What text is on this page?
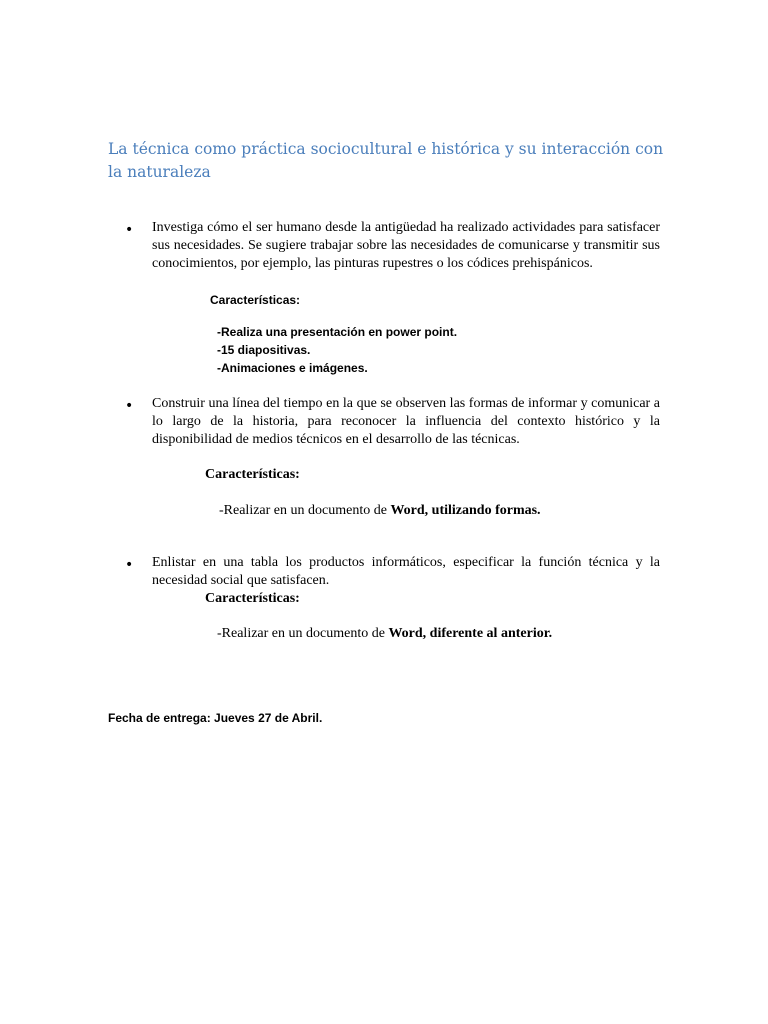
La técnica como práctica sociocultural e histórica y su interacción con la naturaleza
• Investiga cómo el ser humano desde la antigüedad ha realizado actividades para satisfacer sus necesidades. Se sugiere trabajar sobre las necesidades de comunicarse y transmitir sus conocimientos, por ejemplo, las pinturas rupestres o los códices prehispánicos.

Características:

-Realiza una presentación en power point.

-15 diapositivas.

-Animaciones e imágenes.

• Construir una línea del tiempo en la que se observen las formas de informar y comunicar a lo largo de la historia, para reconocer la influencia del contexto histórico y la disponibilidad de medios técnicos en el desarrollo de las técnicas.

Características:

-Realizar en un documento de Word, utilizando formas.

• Enlistar en una tabla los productos informáticos, especificar la función técnica y la necesidad social que satisfacen.

Características:

-Realizar en un documento de Word, diferente al anterior.

Fecha de entrega: Jueves 27 de Abril.
